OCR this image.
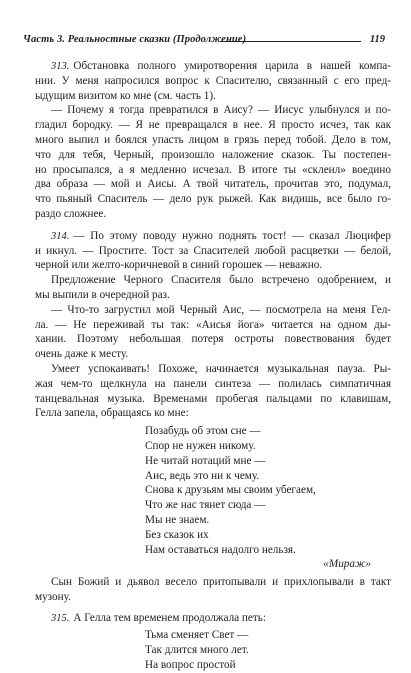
Часть 3. Реальностные сказки (Продолжение)	119
313. Обстановка полного умиротворения царила в нашей компа-
нии. У меня напросился вопрос к Спасителю, связанный с его пред-
ыдущим визитом ко мне (см. часть 1).
— Почему я тогда превратился в Аису? — Иисус улыбнулся и по-
гладил бородку. — Я не превращался в нее. Я просто исчез, так как
много выпил и боялся упасть лицом в грязь перед тобой. Дело в том,
что для тебя, Черный, произошло наложение сказок. Ты постепен-
но просыпался, а я медленно исчезал. В итоге ты «склеил» воедино
два образа — мой и Аисы. А твой читатель, прочитав это, подумал,
что пьяный Спаситель — дело рук рыжей. Как видишь, все было го-
раздо сложнее.
314. — По этому поводу нужно поднять тост! — сказал Люцифер
и икнул. — Простите. Тост за Спасителей любой расцветки — белой,
черной или желто-коричневой в синий горошек — неважно.
Предложение Черного Спасителя было встречено одобрением, и
мы выпили в очередной раз.
— Что-то загрустил мой Черный Аис, — посмотрела на меня Гел-
ла. — Не переживай ты так: «Аисья йога» читается на одном ды-
хании. Поэтому небольшая потеря остроты повествования будет
очень даже к месту.
Умеет успокаивать! Похоже, начинается музыкальная пауза. Ры-
жая чем-то щелкнула на панели синтеза — полилась симпатичная
танцевальная музыка. Временами пробегая пальцами по клавишам,
Гелла запела, обращаясь ко мне:
Позабудь об этом сне —
Спор не нужен никому.
Не читай нотаций мне —
Аис, ведь это ни к чему.
Снова к друзьям мы своим убегаем,
Что же нас тянет сюда —
Мы не знаем.
Без сказок их
Нам оставаться надолго нельзя.
«Мираж»
Сын Божий и дьявол весело притопывали и прихлопывали в такт
музону.
315. А Гелла тем временем продолжала петь:
Тьма сменяет Свет —
Так длится много лет.
На вопрос простой
